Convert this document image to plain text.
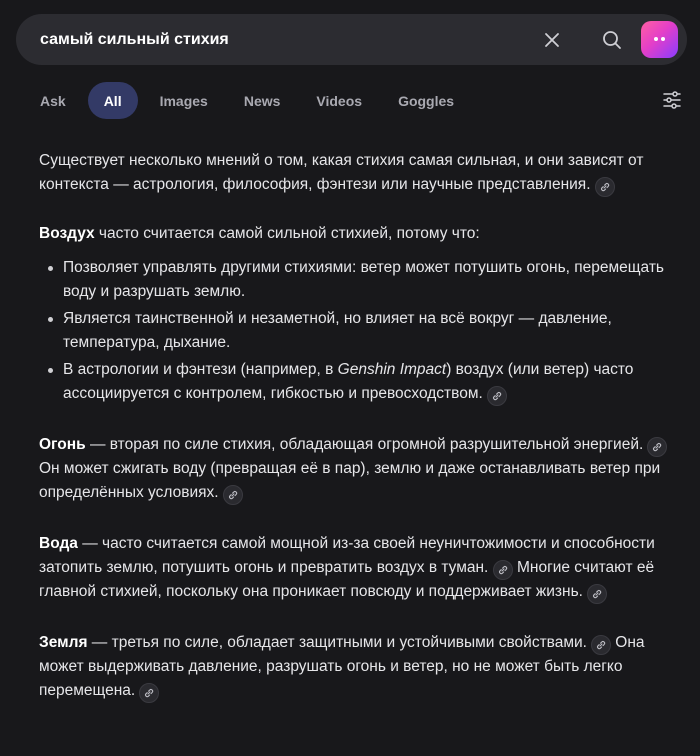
самый сильный стихия
Ask	All	Images	News	Videos	Goggles

Существует несколько мнений о том, какая стихия самая сильная, и они зависят от контекста — астрология, философия, фэнтези или научные представления.

Воздух часто считается самой сильной стихией, потому что:

Позволяет управлять другими стихиями: ветер может потушить огонь, перемещать воду и разрушать землю.
Является таинственной и незаметной, но влияет на всё вокруг — давление, температура, дыхание.
В астрологии и фэнтези (например, в Genshin Impact) воздух (или ветер) часто ассоциируется с контролем, гибкостью и превосходством.

Огонь — вторая по силе стихия, обладающая огромной разрушительной энергией.
Он может сжигать воду (превращая её в пар), землю и даже останавливать ветер при определённых условиях.

Вода — часто считается самой мощной из-за своей неуничтожимости и способности затопить землю, потушить огонь и превратить воздух в туман.
Многие считают её главной стихией, поскольку она проникает повсюду и поддерживает жизнь.

Земля — третья по силе, обладает защитными и устойчивыми свойствами.
Она может выдерживать давление, разрушать огонь и ветер, но не может быть легко перемещена.
